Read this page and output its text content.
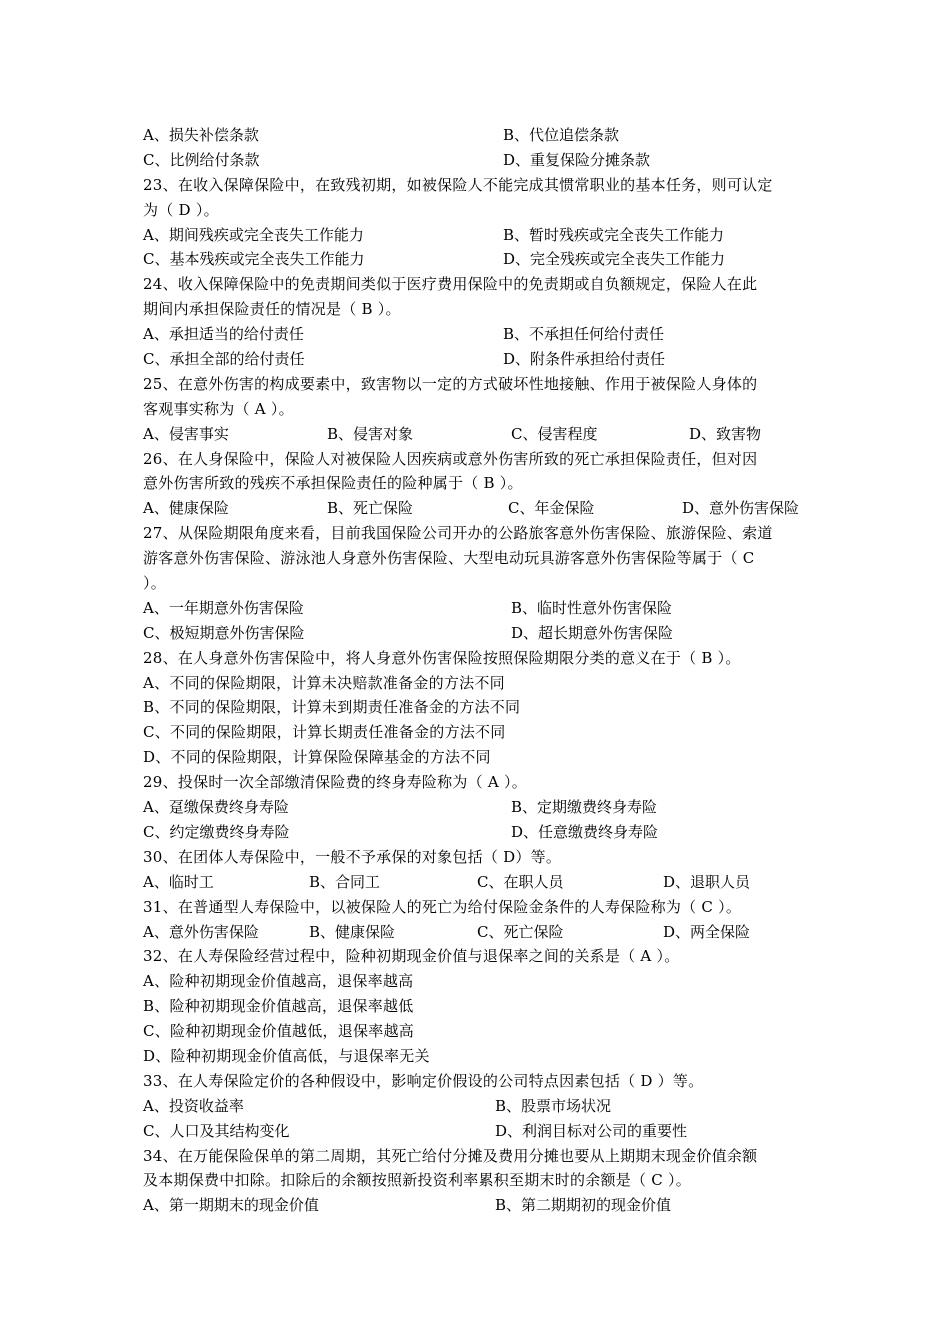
A、损失补偿条款	B、代位追偿条款
C、比例给付条款	D、重复保险分摊条款
23、在收入保障保险中，在致残初期，如被保险人不能完成其惯常职业的基本任务，则可认定
为（ D ）。
A、期间残疾或完全丧失工作能力	B、暂时残疾或完全丧失工作能力
C、基本残疾或完全丧失工作能力	D、完全残疾或完全丧失工作能力
24、收入保障保险中的免责期间类似于医疗费用保险中的免责期或自负额规定，保险人在此
期间内承担保险责任的情况是（ B ）。
A、承担适当的给付责任	B、不承担任何给付责任
C、承担全部的给付责任	D、附条件承担给付责任
25、在意外伤害的构成要素中，致害物以一定的方式破坏性地接触、作用于被保险人身体的
客观事实称为（ A ）。
A、侵害事实	B、侵害对象	C、侵害程度	D、致害物
26、在人身保险中，保险人对被保险人因疾病或意外伤害所致的死亡承担保险责任，但对因
意外伤害所致的残疾不承担保险责任的险种属于（ B ）。
A、健康保险	B、死亡保险	C、年金保险	D、意外伤害保险
27、从保险期限角度来看，目前我国保险公司开办的公路旅客意外伤害保险、旅游保险、索道
游客意外伤害保险、游泳池人身意外伤害保险、大型电动玩具游客意外伤害保险等属于（ C
）。
A、一年期意外伤害保险	B、临时性意外伤害保险
C、极短期意外伤害保险	D、超长期意外伤害保险
28、在人身意外伤害保险中，将人身意外伤害保险按照保险期限分类的意义在于（ B ）。
A、不同的保险期限，计算未决赔款准备金的方法不同
B、不同的保险期限，计算未到期责任准备金的方法不同
C、不同的保险期限，计算长期责任准备金的方法不同
D、不同的保险期限，计算保险保障基金的方法不同
29、投保时一次全部缴清保险费的终身寿险称为（ A ）。
A、趸缴保费终身寿险	B、定期缴费终身寿险
C、约定缴费终身寿险	D、任意缴费终身寿险
30、在团体人寿保险中，一般不予承保的对象包括（ D）等。
A、临时工	B、合同工	C、在职人员	D、退职人员
31、在普通型人寿保险中，以被保险人的死亡为给付保险金条件的人寿保险称为（ C ）。
A、意外伤害保险	B、健康保险	C、死亡保险	D、两全保险
32、在人寿保险经营过程中，险种初期现金价值与退保率之间的关系是（ A ）。
A、险种初期现金价值越高，退保率越高
B、险种初期现金价值越高，退保率越低
C、险种初期现金价值越低，退保率越高
D、险种初期现金价值高低，与退保率无关
33、在人寿保险定价的各种假设中，影响定价假设的公司特点因素包括（ D ）等。
A、投资收益率	B、股票市场状况
C、人口及其结构变化	D、利润目标对公司的重要性
34、在万能保险保单的第二周期，其死亡给付分摊及费用分摊也要从上期期末现金价值余额
及本期保费中扣除。扣除后的余额按照新投资利率累积至期末时的余额是（ C ）。
A、第一期期末的现金价值	B、第二期期初的现金价值
